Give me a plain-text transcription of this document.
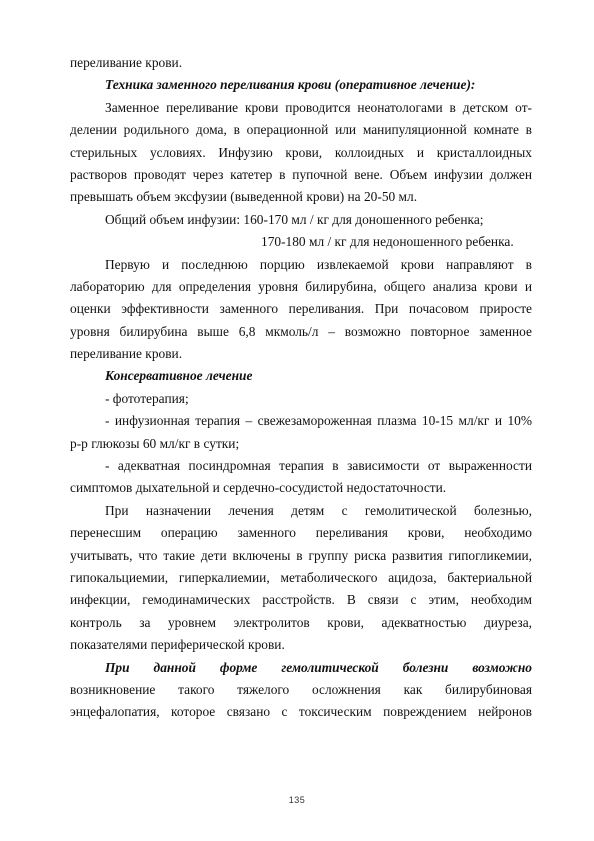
переливание крови.
Техника заменного переливания крови (оперативное лечение):
Заменное переливание крови проводится неонатологами в детском от-
делении родильного дома, в операционной или манипуляционной комнате в
стерильных условиях. Инфузию крови, коллоидных и кристаллоидных
растворов проводят через катетер в пупочной вене. Объем инфузии должен
превышать объем эксфузии (выведенной крови) на 20-50 мл.
Общий объем инфузии: 160-170 мл / кг для доношенного ребенка;
170-180 мл / кг для недоношенного ребенка.
Первую и последнюю порцию извлекаемой крови направляют в
лабораторию для определения уровня билирубина, общего анализа крови и
оценки эффективности заменного переливания. При почасовом приросте
уровня билирубина выше 6,8 мкмоль/л – возможно повторное заменное
переливание крови.
Консервативное лечение
- фототерапия;
- инфузионная терапия – свежезамороженная плазма 10-15 мл/кг и 10%
р-р глюкозы 60 мл/кг в сутки;
- адекватная посиндромная терапия в зависимости от выраженности
симптомов дыхательной и сердечно-сосудистой недостаточности.
При назначении лечения детям с гемолитической болезнью,
перенесшим операцию заменного переливания крови, необходимо
учитывать, что такие дети включены в группу риска развития гипогликемии,
гипокальциемии, гиперкалиемии, метаболического ацидоза, бактериальной
инфекции, гемодинамических расстройств. В связи с этим, необходим
контроль за уровнем электролитов крови, адекватностью диуреза,
показателями периферической крови.
При данной форме гемолитической болезни возможно
возникновение такого тяжелого осложнения как билирубиновая
энцефалопатия, которое связано с токсическим повреждением нейронов
135
